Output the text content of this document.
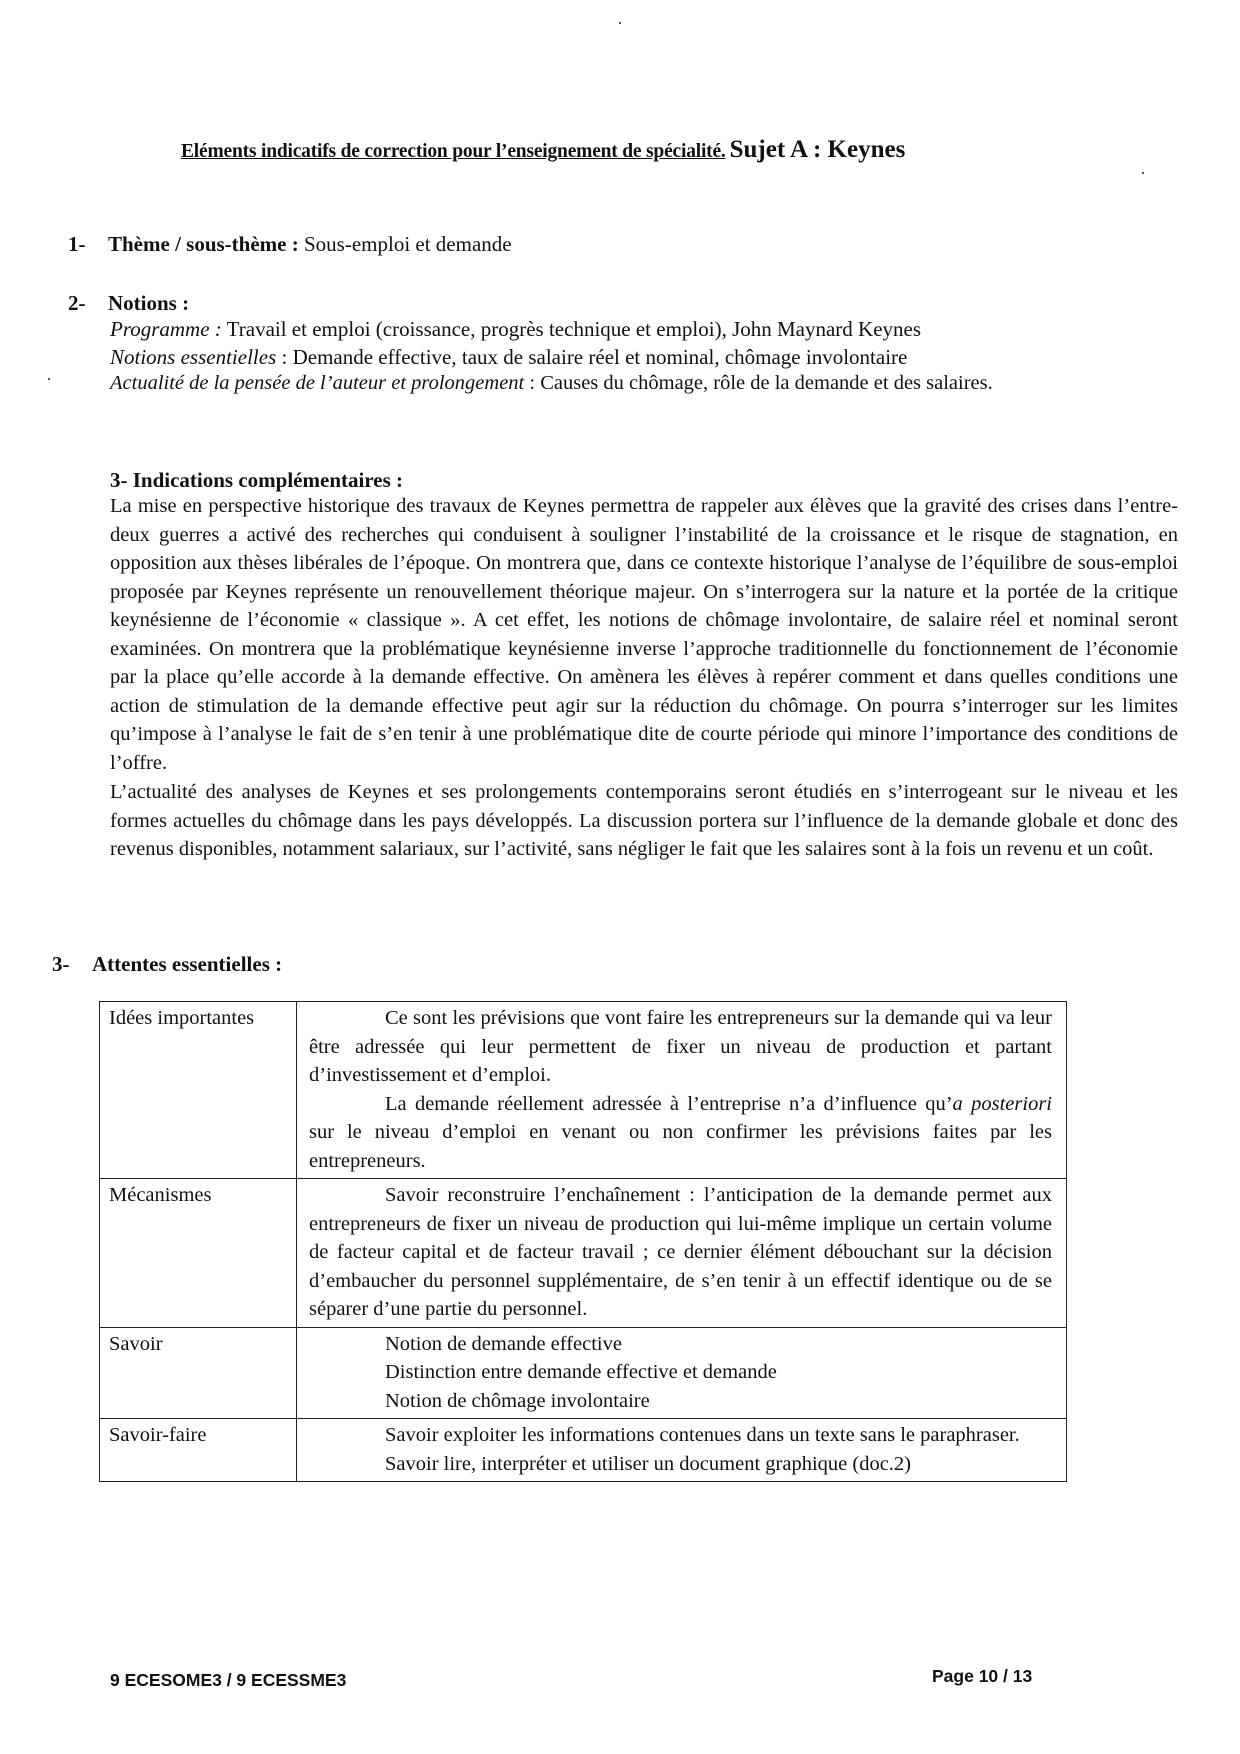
Eléments indicatifs de correction pour l’enseignement de spécialité. Sujet A : Keynes
1- Thème / sous-thème : Sous-emploi et demande
2- Notions :
Programme : Travail et emploi (croissance, progrès technique et emploi), John Maynard Keynes
Notions essentielles : Demande effective, taux de salaire réel et nominal, chômage involontaire
Actualité de la pensée de l’auteur et prolongement : Causes du chômage, rôle de la demande et des salaires.
3- Indications complémentaires :
La mise en perspective historique des travaux de Keynes permettra de rappeler aux élèves que la gravité des crises dans l’entre-deux guerres a activé des recherches qui conduisent à souligner l’instabilité de la croissance et le risque de stagnation, en opposition aux thèses libérales de l’époque. On montrera que, dans ce contexte historique l’analyse de l’équilibre de sous-emploi proposée par Keynes représente un renouvellement théorique majeur. On s’interrogera sur la nature et la portée de la critique keynésienne de l’économie « classique ». A cet effet, les notions de chômage involontaire, de salaire réel et nominal seront examinées. On montrera que la problématique keynésienne inverse l’approche traditionnelle du fonctionnement de l’économie par la place qu’elle accorde à la demande effective. On amènera les élèves à repérer comment et dans quelles conditions une action de stimulation de la demande effective peut agir sur la réduction du chômage. On pourra s’interroger sur les limites qu’impose à l’analyse le fait de s’en tenir à une problématique dite de courte période qui minore l’importance des conditions de l’offre.
L’actualité des analyses de Keynes et ses prolongements contemporains seront étudiés en s’interrogeant sur le niveau et les formes actuelles du chômage dans les pays développés. La discussion portera sur l’influence de la demande globale et donc des revenus disponibles, notamment salariaux, sur l’activité, sans négliger le fait que les salaires sont à la fois un revenu et un coût.
3- Attentes essentielles :
Idées importantes	Ce sont les prévisions que vont faire les entrepreneurs sur la demande qui va leur être adressée qui leur permettent de fixer un niveau de production et partant d’investissement et d’emploi.
La demande réellement adressée à l’entreprise n’a d’influence qu’a posteriori sur le niveau d’emploi en venant ou non confirmer les prévisions faites par les entrepreneurs.

Mécanismes	Savoir reconstruire l’enchaînement : l’anticipation de la demande permet aux entrepreneurs de fixer un niveau de production qui lui-même implique un certain volume de facteur capital et de facteur travail ; ce dernier élément débouchant sur la décision d’embaucher du personnel supplémentaire, de s’en tenir à un effectif identique ou de se séparer d’une partie du personnel.

Savoir	Notion de demande effective
Distinction entre demande effective et demande
Notion de chômage involontaire

Savoir-faire	Savoir exploiter les informations contenues dans un texte sans le paraphraser.
Savoir lire, interpréter et utiliser un document graphique (doc.2)
9 ECESOME3 / 9 ECESSME3	Page 10 / 13
